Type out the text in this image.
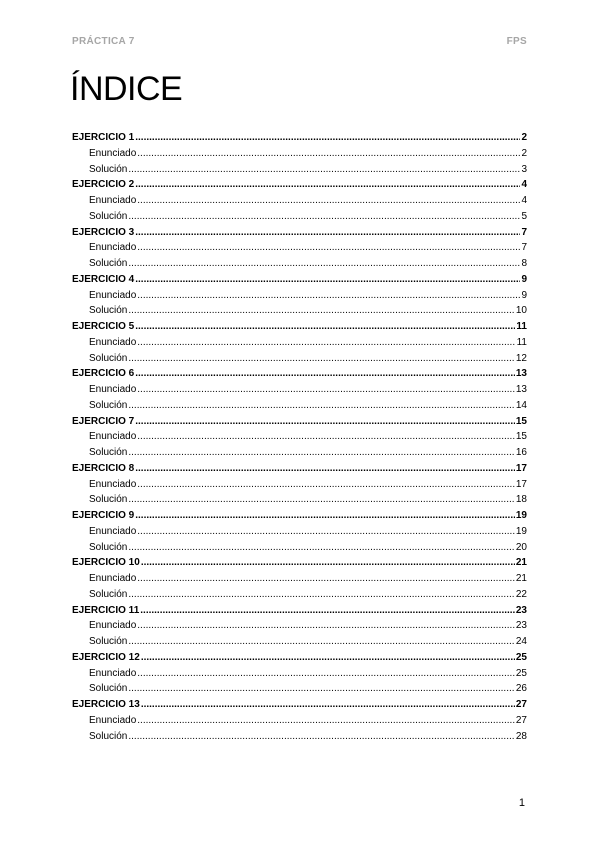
PRÁCTICA 7	FPS
ÍNDICE
EJERCICIO 1 .....	2
Enunciado .....	2
Solución .....	3
EJERCICIO 2 .....	4
Enunciado .....	4
Solución .....	5
EJERCICIO 3 .....	7
Enunciado .....	7
Solución .....	8
EJERCICIO 4 .....	9
Enunciado .....	9
Solución .....	10
EJERCICIO 5 .....	11
Enunciado .....	11
Solución .....	12
EJERCICIO 6 .....	13
Enunciado .....	13
Solución .....	14
EJERCICIO 7 .....	15
Enunciado .....	15
Solución .....	16
EJERCICIO 8 .....	17
Enunciado .....	17
Solución .....	18
EJERCICIO 9 .....	19
Enunciado .....	19
Solución .....	20
EJERCICIO 10 .....	21
Enunciado .....	21
Solución .....	22
EJERCICIO 11 .....	23
Enunciado .....	23
Solución .....	24
EJERCICIO 12 .....	25
Enunciado .....	25
Solución .....	26
EJERCICIO 13 .....	27
Enunciado .....	27
Solución .....	28
1
